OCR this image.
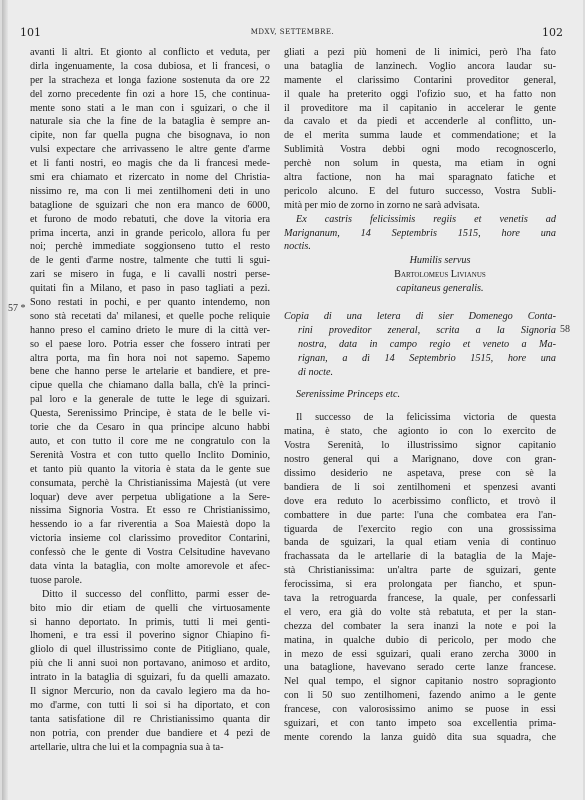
101	MDXV, SETTEMBRE.	102
57 *
58
avanti li altri. Et gionto al conflicto et veduta, per
dirla ingenuamente, la cosa dubiosa, et li francesi, o
per la stracheza et longa fazione sostenuta da ore 22
del zorno precedente fin ozi a hore 15, che continua-
mente sono stati a le man con i sguizari, o che il
naturale sia che la fine de la bataglia è sempre an-
cipite, non far quella pugna che bisognava, io non
vulsi expectare che arrivasseno le altre gente d'arme
et li fanti nostri, eo magis che da li francesi mede-
smi era chiamato et rizercato in nome del Christia-
nissimo re, ma con li mei zentilhomeni deti in uno
bataglione de sguizari che non era manco de 6000,
et furono de modo rebatuti, che dove la vitoria era
prima incerta, anzi in grande pericolo, allora fu per
noi; perchè immediate soggionseno tutto el resto
de le genti d'arme nostre, talmente che tutti li sgui-
zari se misero in fuga, e li cavalli nostri perse-
quitati fin a Milano, et paso in paso tagliati a pezi.
Sono restati in pochi, e per quanto intendemo, non
sono stà recetati da' milanesi, et quelle poche reliquie
hanno preso el camino drieto le mure di la città ver-
so el paese loro. Potria esser che fossero intrati per
altra porta, ma fin hora noi not sapemo. Sapemo
bene che hanno perse le artelarie et bandiere, et pre-
cipue quella che chiamano dalla balla, ch'è la princi-
pal loro e la generale de tutte le lege di sguizari.
Questa, Serenissimo Principe, è stata de le belle vi-
torie che da Cesaro in qua principe alcuno habbi
auto, et con tutto il core me ne congratulo con la
Serenità Vostra et con tutto quello Inclito Dominio,
et tanto più quanto la vitoria è stata da le gente sue
consumata, perchè la Christianissima Majestà (ut vere
loquar) deve aver perpetua ubligatione a la Sere-
nissima Signoria Vostra. Et esso re Christianissimo,
hessendo io a far riverentia a Soa Maiestà dopo la
victoria insieme col clarissimo proveditor Contarini,
confessò che le gente di Vostra Celsitudine havevano
data vinta la bataglia, con molte amorevole et afec-
tuose parole.
Ditto il successo del conflitto, parmi esser de-
bito mio dir etiam de quelli che virtuosamente
si hanno deportato. In primis, tutti li mei genti-
lhomeni, e tra essi il poverino signor Chiapino fi-
gliolo di quel illustrissimo conte de Pitigliano, quale,
più che li anni suoi non portavano, animoso et ardito,
intrato in la bataglia di sguizari, fu da quelli amazato.
Il signor Mercurio, non da cavalo legiero ma da ho-
mo d'arme, con tutti li soi si ha diportato, et con
tanta satisfatione dil re Christianissimo quanta dir
non potria, con prender due bandiere et 4 pezi de
artellarie, ultra che lui et la compagnia sua à ta-
gliati a pezi più homeni de li inimici, però l'ha fato
una bataglia de lanzinech. Voglio ancora laudar su-
mamente el clarissimo Contarini proveditor general,
il quale ha preterito oggi l'ofizio suo, et ha fatto non
il proveditore ma il capitanio in accelerar le gente
da cavalo et da piedi et accenderle al conflitto, un-
de el merita summa laude et commendatione; et la
Sublimità Vostra debbi ogni modo recognoscerlo,
perchè non solum in questa, ma etiam in ogni
altra factione, non ha mai sparagnato fatiche et
pericolo alcuno. E del futuro successo, Vostra Subli-
mità per mio de zorno in zorno ne sarà advisata.
Ex castris felicissimis regiis et venetis ad
Marignanum, 14 Septembris 1515, hore una
noctis.
Humilis servus
Bartolomeus Livianus
capitaneus generalis.
Copia di una letera di sier Domenego Conta-
rini proveditor zeneral, scrita a la Signoria
nostra, data in campo regio et veneto a Ma-
rignan, a dì 14 Septembrio 1515, hore una
di nocte.
Serenissime Princeps etc.
Il successo de la felicissima victoria de questa
matina, è stato, che agionto io con lo exercito de
Vostra Serenità, lo illustrissimo signor capitanio
nostro general qui a Marignano, dove con gran-
dissimo desiderio ne aspetava, prese con sè la
bandiera de li soi zentilhomeni et spenzesi avanti
dove era reduto lo acerbissimo conflicto, et trovò il
combattere in due parte: l'una che combatea era l'an-
tiguarda de l'exercito regio con una grossissima
banda de sguizari, la qual etiam venia di continuo
frachassata da le artellarie di la bataglia de la Maje-
stà Christianissima: un'altra parte de sguizari, gente
ferocissima, si era prolongata per fiancho, et spun-
tava la retroguarda francese, la quale, per confessarli
el vero, era già do volte stà rebatuta, et per la stan-
chezza del combater la sera inanzi la note e poi la
matina, in qualche dubio di pericolo, per modo che
in mezo de essi sguizari, quali erano zercha 3000 in
una bataglione, havevano serado certe lanze francese.
Nel qual tempo, el signor capitanio nostro sopragionto
con li 50 suo zentilhomeni, fazendo animo a le gente
francese, con valorosissimo animo se puose in essi
sguizari, et con tanto impeto soa excellentia prima-
mente corendo la lanza guidò dita sua squadra, che
